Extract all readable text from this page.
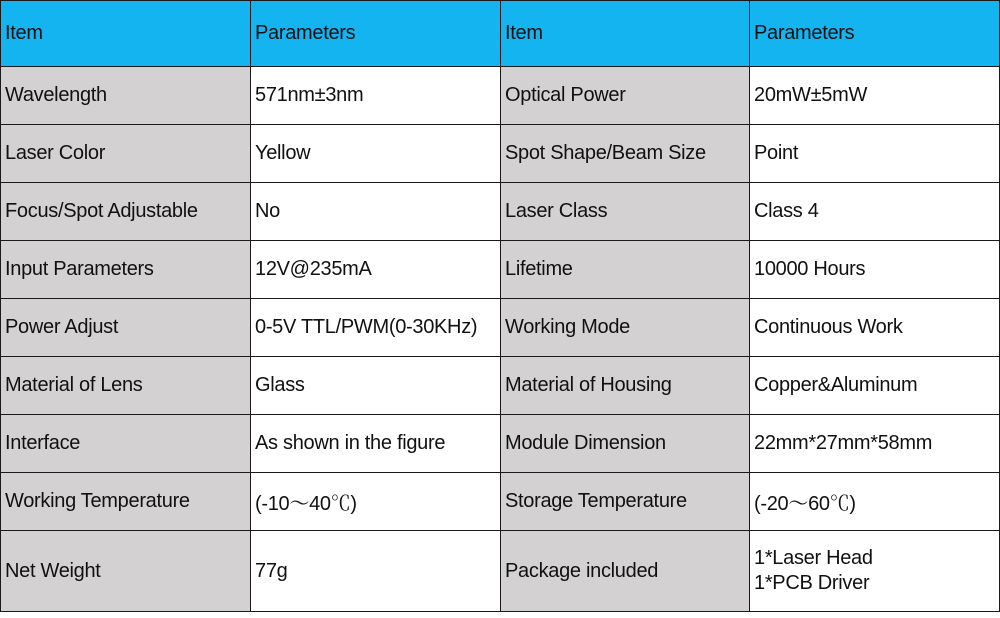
Item	Parameters	Item	Parameters
Wavelength	571nm±3nm	Optical Power	20mW±5mW
Laser Color	Yellow	Spot Shape/Beam Size	Point
Focus/Spot Adjustable	No	Laser Class	Class 4
Input Parameters	12V@235mA	Lifetime	10000 Hours
Power Adjust	0-5V TTL/PWM(0-30KHz)	Working Mode	Continuous Work
Material of Lens	Glass	Material of Housing	Copper&Aluminum
Interface	As shown in the figure	Module Dimension	22mm*27mm*58mm
Working Temperature	(-10～40℃)	Storage Temperature	(-20～60℃)
Net Weight	77g	Package included	1*Laser Head
1*PCB Driver
